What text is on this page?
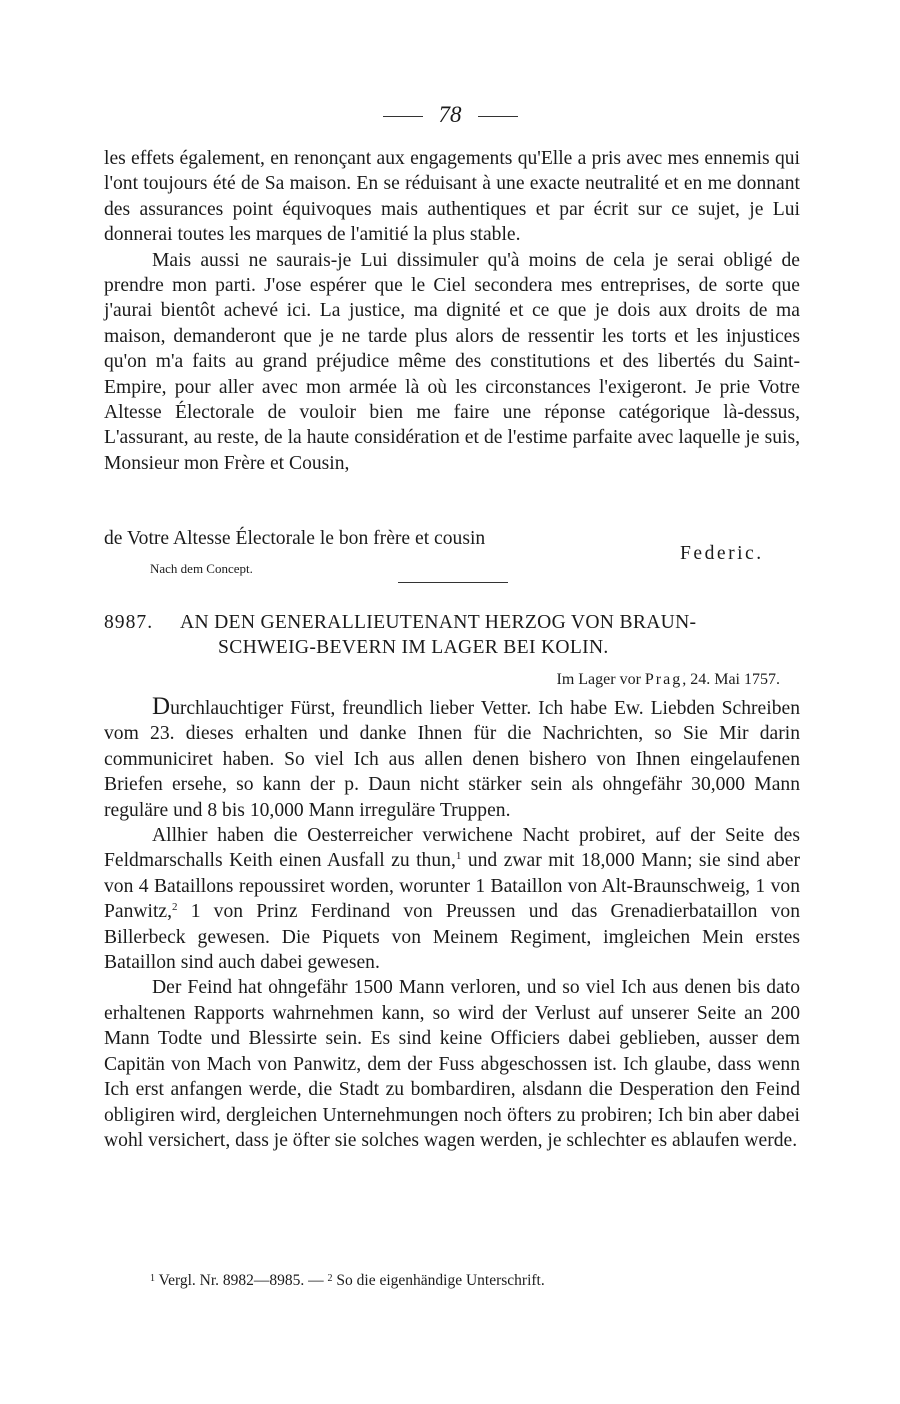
78

les effets également, en renonçant aux engagements qu'Elle a pris avec mes ennemis qui l'ont toujours été de Sa maison. En se réduisant à une exacte neutralité et en me donnant des assurances point équivoques mais authentiques et par écrit sur ce sujet, je Lui donnerai toutes les marques de l'amitié la plus stable.

Mais aussi ne saurais-je Lui dissimuler qu'à moins de cela je serai obligé de prendre mon parti. J'ose espérer que le Ciel secondera mes entreprises, de sorte que j'aurai bientôt achevé ici. La justice, ma dignité et ce que je dois aux droits de ma maison, demanderont que je ne tarde plus alors de ressentir les torts et les injustices qu'on m'a faits au grand préjudice même des constitutions et des libertés du Saint-Empire, pour aller avec mon armée là où les circonstances l'exigeront. Je prie Votre Altesse Électorale de vouloir bien me faire une réponse catégorique là-dessus, L'assurant, au reste, de la haute considération et de l'estime parfaite avec laquelle je suis, Monsieur mon Frère et Cousin,

de Votre Altesse Électorale le bon frère et cousin
Federic.
Nach dem Concept.
8987. AN DEN GENERALLIEUTENANT HERZOG VON BRAUN-
SCHWEIG-BEVERN IM LAGER BEI KOLIN.
Im Lager vor Prag, 24. Mai 1757.

Durchlauchtiger Fürst, freundlich lieber Vetter. Ich habe Ew. Liebden Schreiben vom 23. dieses erhalten und danke Ihnen für die Nachrichten, so Sie Mir darin communiciret haben. So viel Ich aus allen denen bishero von Ihnen eingelaufenen Briefen ersehe, so kann der p. Daun nicht stärker sein als ohngefähr 30,000 Mann reguläre und 8 bis 10,000 Mann irreguläre Truppen.

Allhier haben die Oesterreicher verwichene Nacht probiret, auf der Seite des Feldmarschalls Keith einen Ausfall zu thun,$^1$ und zwar mit 18,000 Mann; sie sind aber von 4 Bataillons repoussiret worden, worunter 1 Bataillon von Alt-Braunschweig, 1 von Panwitz,$^2$ 1 von Prinz Ferdinand von Preussen und das Grenadierbataillon von Billerbeck gewesen. Die Piquets von Meinem Regiment, imgleichen Mein erstes Bataillon sind auch dabei gewesen.

Der Feind hat ohngefähr 1500 Mann verloren, und so viel Ich aus denen bis dato erhaltenen Rapports wahrnehmen kann, so wird der Verlust auf unserer Seite an 200 Mann Todte und Blessirte sein. Es sind keine Officiers dabei geblieben, ausser dem Capitän von Mach von Panwitz, dem der Fuss abgeschossen ist. Ich glaube, dass wenn Ich erst anfangen werde, die Stadt zu bombardiren, alsdann die Desperation den Feind obligiren wird, dergleichen Unternehmungen noch öfters zu probiren; Ich bin aber dabei wohl versichert, dass je öfter sie solches wagen werden, je schlechter es ablaufen werde.

$^1$ Vergl. Nr. 8982—8985. — $^2$ So die eigenhändige Unterschrift.
